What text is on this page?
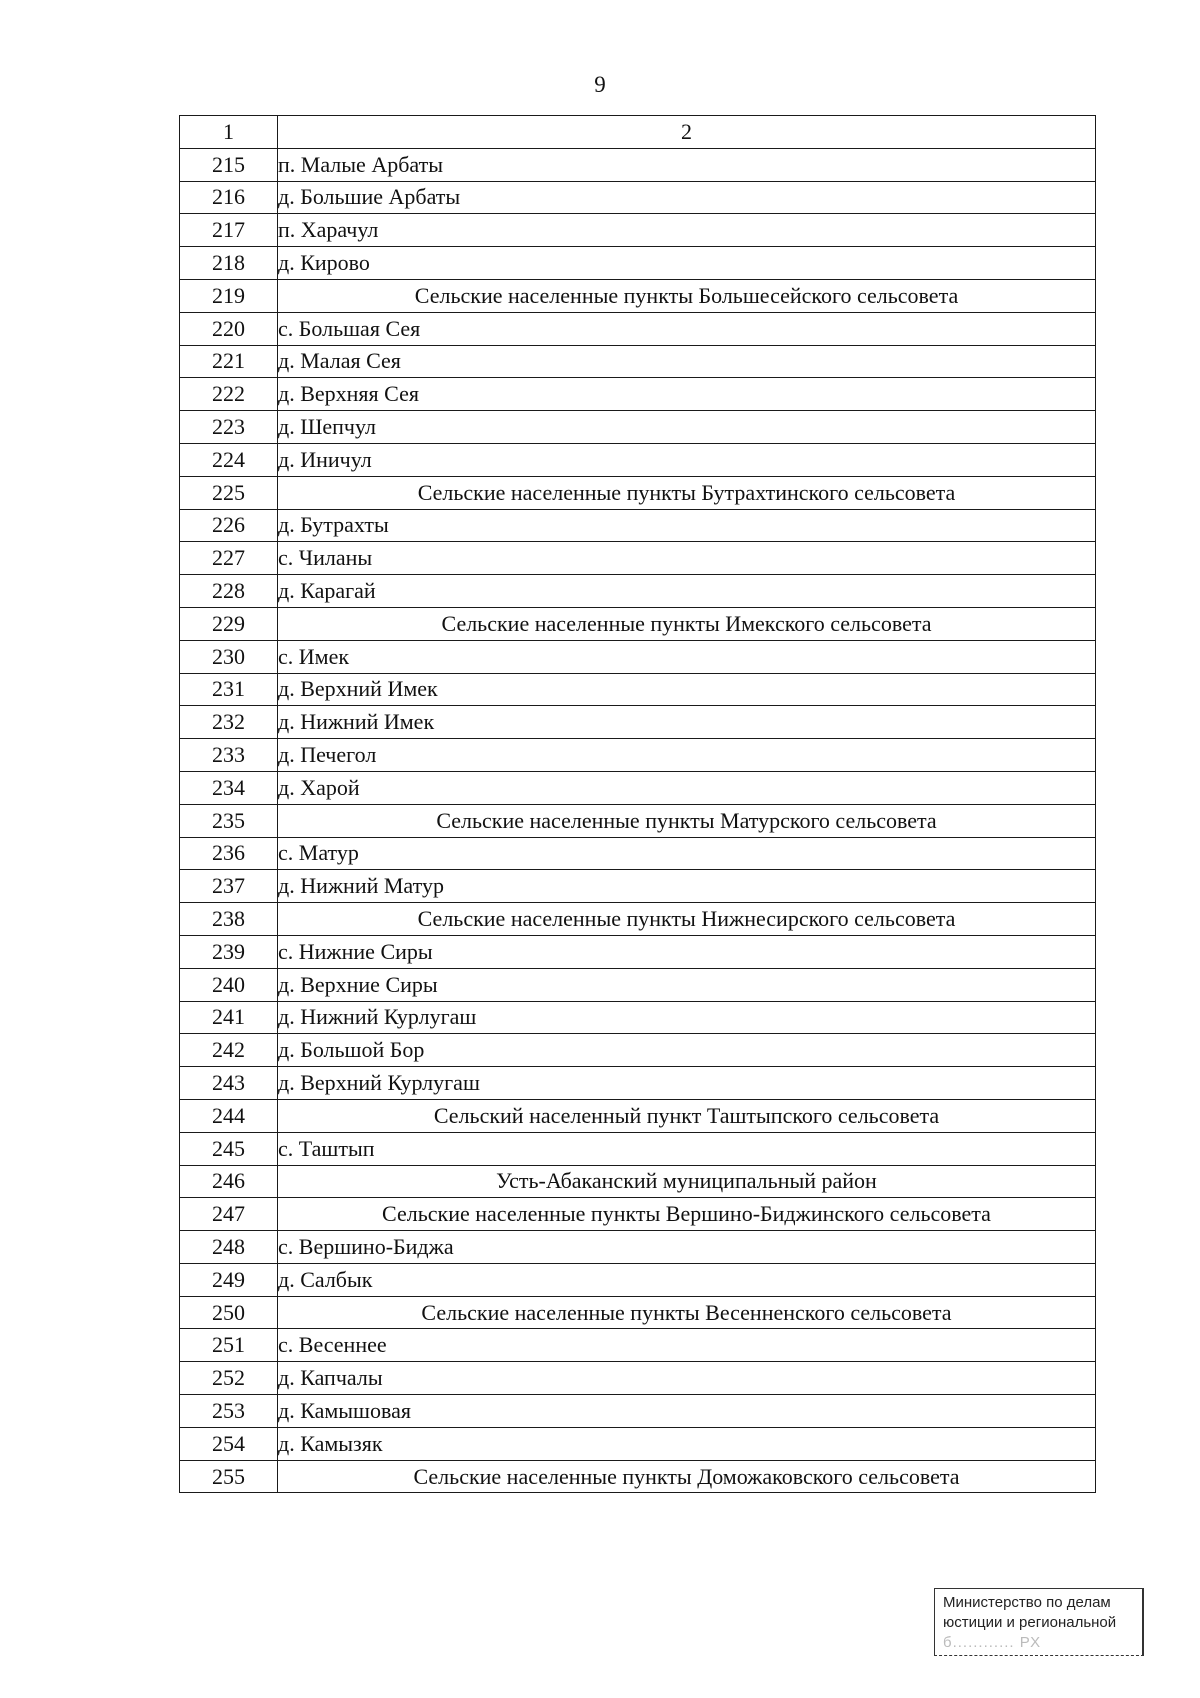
9
1	2
215	п. Малые Арбаты
216	д. Большие Арбаты
217	п. Харачул
218	д. Кирово
219	Сельские населенные пункты Большесейского сельсовета
220	с. Большая Сея
221	д. Малая Сея
222	д. Верхняя Сея
223	д. Шепчул
224	д. Иничул
225	Сельские населенные пункты Бутрахтинского сельсовета
226	д. Бутрахты
227	с. Чиланы
228	д. Карагай
229	Сельские населенные пункты Имекского сельсовета
230	с. Имек
231	д. Верхний Имек
232	д. Нижний Имек
233	д. Печегол
234	д. Харой
235	Сельские населенные пункты Матурского сельсовета
236	с. Матур
237	д. Нижний Матур
238	Сельские населенные пункты Нижнесирского сельсовета
239	с. Нижние Сиры
240	д. Верхние Сиры
241	д. Нижний Курлугаш
242	д. Большой Бор
243	д. Верхний Курлугаш
244	Сельский населенный пункт Таштыпского сельсовета
245	с. Таштып
246	Усть-Абаканский муниципальный район
247	Сельские населенные пункты Вершино-Биджинского сельсовета
248	с. Вершино-Биджа
249	д. Салбык
250	Сельские населенные пункты Весенненского сельсовета
251	с. Весеннее
252	д. Капчалы
253	д. Камышовая
254	д. Камызяк
255	Сельские населенные пункты Доможаковского сельсовета
Министерство по делам
юстиции и региональной
б............ РХ
